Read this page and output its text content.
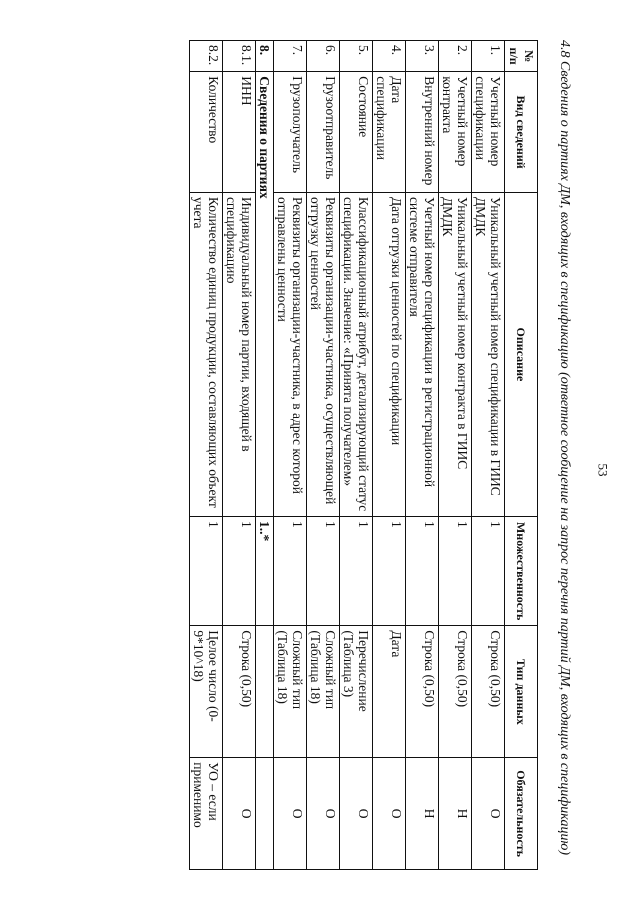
53
4.8 Сведения о партиях ДМ, входящих в спецификацию (ответное сообщение на запрос перечня партий ДМ, входящих в спецификацию)
№ п/п	Вид сведений	Описание	Множественность	Тип данных	Обязательность
1.	Учетный номер спецификации	Уникальный учетный номер спецификации в ГИИС ДМДК	1	Строка (0,50)	О
2.	Учетный номер контракта	Уникальный учетный номер контракта в ГИИС ДМДК	1	Строка (0,50)	Н
3.	Внутренний номер	Учетный номер спецификации в регистрационной системе отправителя	1	Строка (0,50)	Н
4.	Дата спецификации	Дата отгрузки ценностей по спецификации	1	Дата	О
5.	Состояние	Классификационный атрибут, детализирующий статус спецификации. Значение: «Принята получателем»	1	Перечисление (Таблица 3)	О
6.	Грузоотправитель	Реквизиты организации-участника, осуществляющей отгрузку ценностей	1	Сложный тип (Таблица 18)	О
7.	Грузополучатель	Реквизиты организации-участника, в адрес которой отправлены ценности	1	Сложный тип (Таблица 18)	О
8.	Сведения о партиях		1..*		
8.1.	ИНН	Индивидуальный номер партии, входящей в спецификацию	1	Строка (0,50)	О
8.2.	Количество	Количество единиц продукции, составляющих объект учета	1	Целое число (0-9*10^18)	УО – если применимо
